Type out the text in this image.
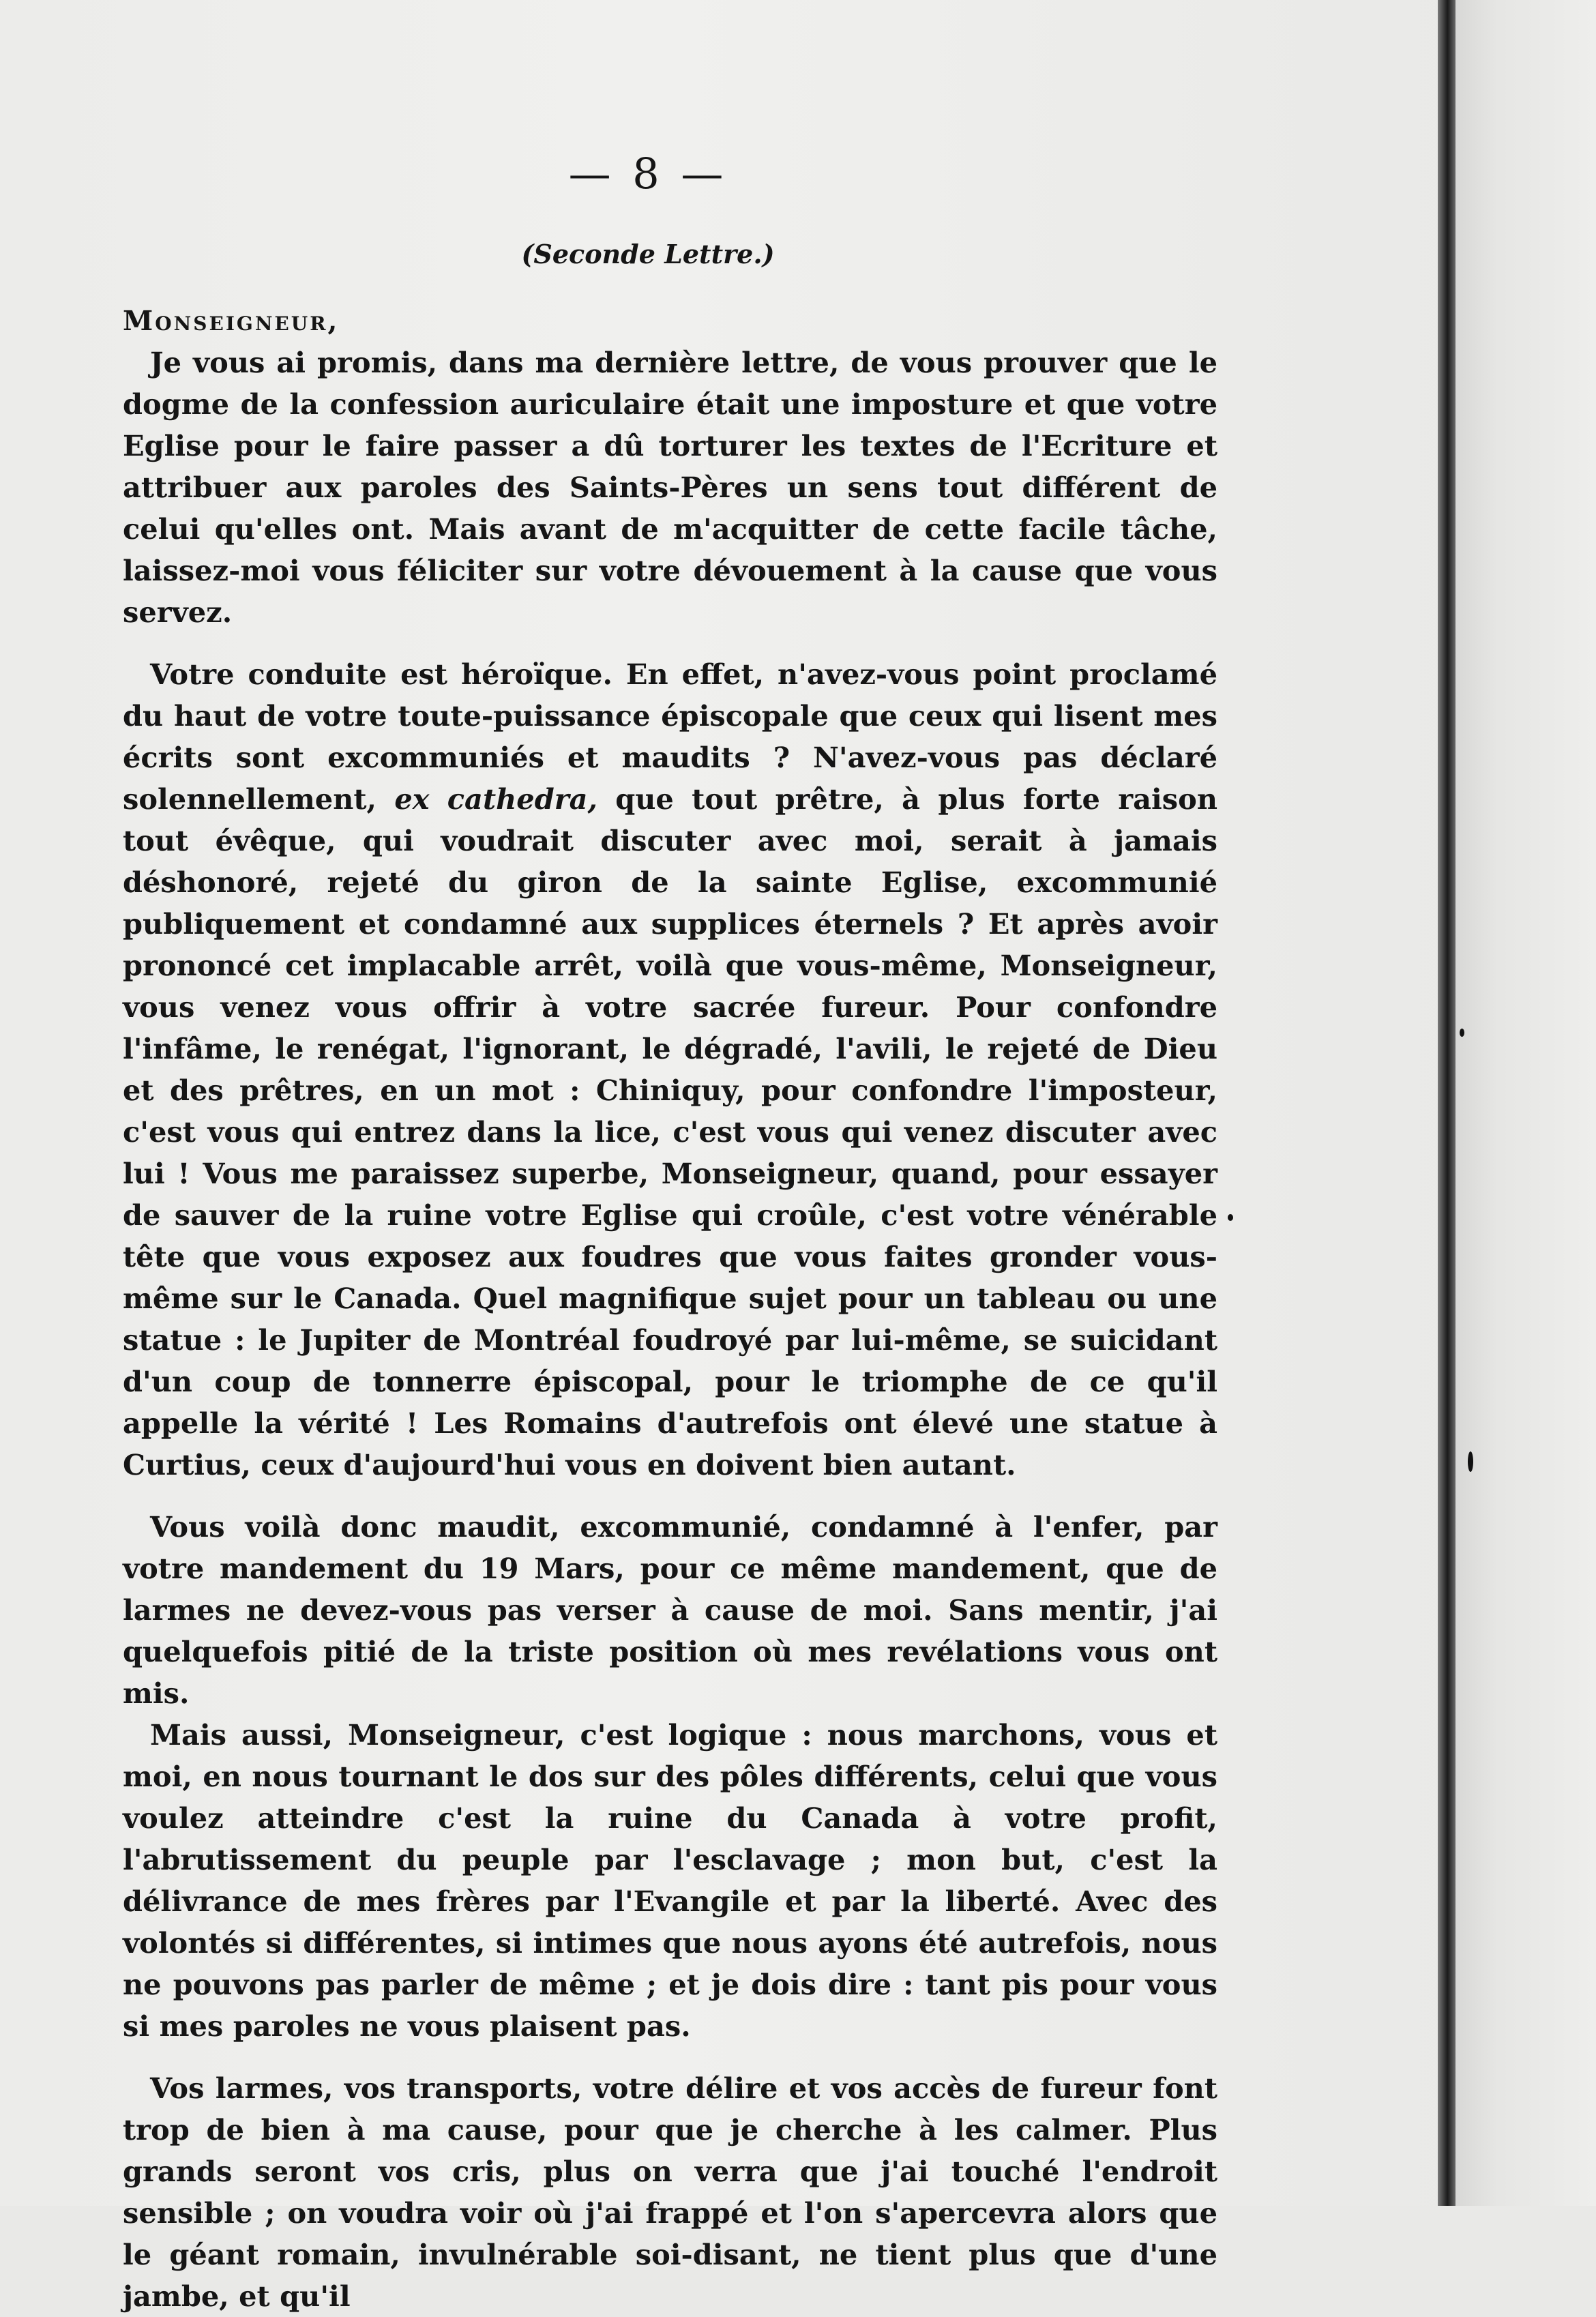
— 8 —
(Seconde Lettre.)

Monseigneur,

Je vous ai promis, dans ma dernière lettre, de vous prouver que le dogme de la confession auriculaire était une imposture et que votre Eglise pour le faire passer a dû torturer les textes de l'Ecriture et attribuer aux paroles des Saints-Pères un sens tout différent de celui qu'elles ont. Mais avant de m'acquitter de cette facile tâche, laissez-moi vous féliciter sur votre dévouement à la cause que vous servez.

Votre conduite est héroïque. En effet, n'avez-vous point proclamé du haut de votre toute-puissance épiscopale que ceux qui lisent mes écrits sont excommuniés et maudits ? N'avez-vous pas déclaré solennellement, ex cathedra, que tout prêtre, à plus forte raison tout évêque, qui voudrait discuter avec moi, serait à jamais déshonoré, rejeté du giron de la sainte Eglise, excommunié publiquement et condamné aux supplices éternels ? Et après avoir prononcé cet implacable arrêt, voilà que vous-même, Monseigneur, vous venez vous offrir à votre sacrée fureur. Pour confondre l'infâme, le renégat, l'ignorant, le dégradé, l'avili, le rejeté de Dieu et des prêtres, en un mot : Chiniquy, pour confondre l'imposteur, c'est vous qui entrez dans la lice, c'est vous qui venez discuter avec lui ! Vous me paraissez superbe, Monseigneur, quand, pour essayer de sauver de la ruine votre Eglise qui croûle, c'est votre vénérable tête que vous exposez aux foudres que vous faites gronder vous-même sur le Canada. Quel magnifique sujet pour un tableau ou une statue : le Jupiter de Montréal foudroyé par lui-même, se suicidant d'un coup de tonnerre épiscopal, pour le triomphe de ce qu'il appelle la vérité ! Les Romains d'autrefois ont élevé une statue à Curtius, ceux d'aujourd'hui vous en doivent bien autant.

Vous voilà donc maudit, excommunié, condamné à l'enfer, par votre mandement du 19 Mars, pour ce même mandement, que de larmes ne devez-vous pas verser à cause de moi. Sans mentir, j'ai quelquefois pitié de la triste position où mes revélations vous ont mis.

Mais aussi, Monseigneur, c'est logique : nous marchons, vous et moi, en nous tournant le dos sur des pôles différents, celui que vous voulez atteindre c'est la ruine du Canada à votre profit, l'abrutissement du peuple par l'esclavage ; mon but, c'est la délivrance de mes frères par l'Evangile et par la liberté. Avec des volontés si différentes, si intimes que nous ayons été autrefois, nous ne pouvons pas parler de même ; et je dois dire : tant pis pour vous si mes paroles ne vous plaisent pas.

Vos larmes, vos transports, votre délire et vos accès de fureur font trop de bien à ma cause, pour que je cherche à les calmer. Plus grands seront vos cris, plus on verra que j'ai touché l'endroit sensible ; on voudra voir où j'ai frappé et l'on s'apercevra alors que le géant romain, invulnérable soi-disant, ne tient plus que d'une jambe, et qu'il
